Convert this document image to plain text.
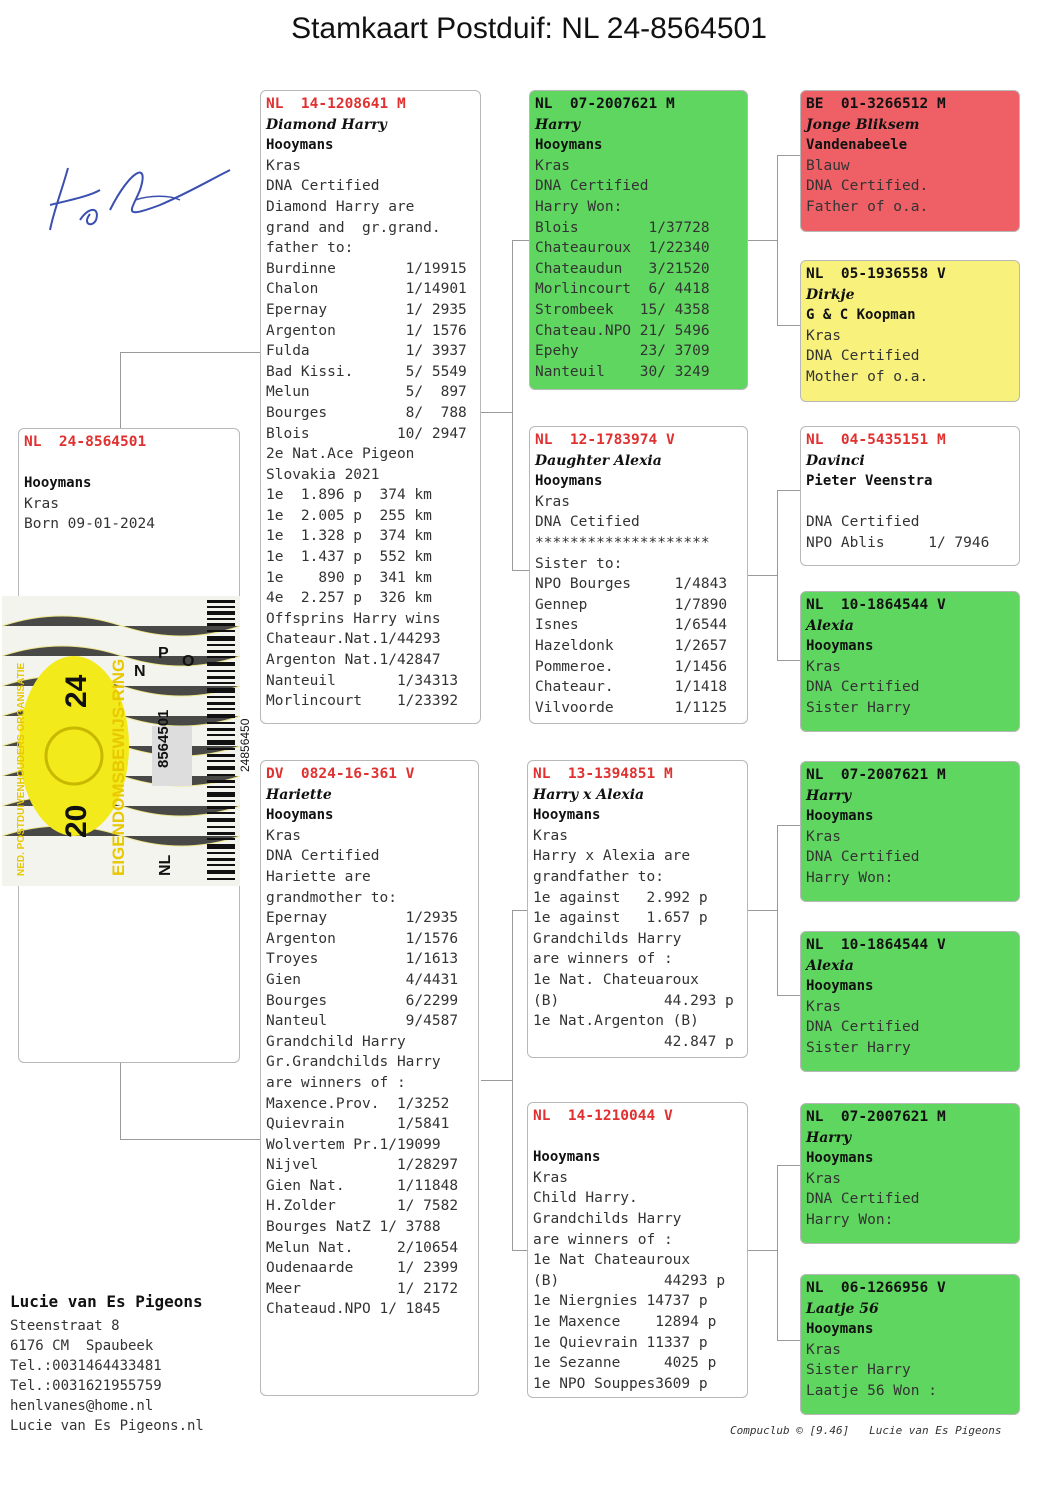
Stamkaart Postduif: NL 24-8564501
NL  24-8564501
Hooymans
Kras
Born 09-01-2024
20
24
8564501
NL
24856450
EIGENDOMSBEWIJS-RING
NED. POSTDUIVENHOUDERS ORGANISATIE	N
P O
NL  14-1208641 M
Diamond Harry
Hooymans
Kras
DNA Certified
Diamond Harry are
grand and  gr.grand.
father to:
Burdinne        1/19915
Chalon          1/14901
Epernay         1/ 2935
Argenton        1/ 1576
Fulda           1/ 3937
Bad Kissi.      5/ 5549
Melun           5/  897
Bourges         8/  788
Blois          10/ 2947
2e Nat.Ace Pigeon
Slovakia 2021
1e  1.896 p  374 km
1e  2.005 p  255 km
1e  1.328 p  374 km
1e  1.437 p  552 km
1e    890 p  341 km
4e  2.257 p  326 km
Offsprins Harry wins
Chateaur.Nat.1/44293
Argenton Nat.1/42847
Nanteuil       1/34313
Morlincourt    1/23392
DV  0824-16-361 V
Hariette
Hooymans
Kras
DNA Certified
Hariette are
grandmother to:
Epernay         1/2935
Argenton        1/1576
Troyes          1/1613
Gien            4/4431
Bourges         6/2299
Nanteul         9/4587
Grandchild Harry
Gr.Grandchilds Harry
are winners of :
Maxence.Prov.  1/3252
Quievrain      1/5841
Wolvertem Pr.1/19099
Nijvel         1/28297
Gien Nat.      1/11848
H.Zolder       1/ 7582
Bourges NatZ 1/ 3788
Melun Nat.     2/10654
Oudenaarde     1/ 2399
Meer           1/ 2172
Chateaud.NPO 1/ 1845
NL  07-2007621 M
Harry
Hooymans
Kras
DNA Certified
Harry Won:
Blois        1/37728
Chateauroux  1/22340
Chateaudun   3/21520
Morlincourt  6/ 4418
Strombeek   15/ 4358
Chateau.NPO 21/ 5496
Epehy       23/ 3709
Nanteuil    30/ 3249
NL  12-1783974 V
Daughter Alexia
Hooymans
Kras
DNA Cetified
********************
Sister to:
NPO Bourges     1/4843
Gennep          1/7890
Isnes           1/6544
Hazeldonk       1/2657
Pommeroe.       1/1456
Chateaur.       1/1418
Vilvoorde       1/1125
NL  13-1394851 M
Harry x Alexia
Hooymans
Kras
Harry x Alexia are
grandfather to:
1e against   2.992 p
1e against   1.657 p
Grandchilds Harry
are winners of :
1e Nat. Chateuaroux
(B)            44.293 p
1e Nat.Argenton (B)
42.847 p
NL  14-1210044 V
Hooymans
Kras
Child Harry.
Grandchilds Harry
are winners of :
1e Nat Chateauroux
(B)            44293 p
1e Niergnies 14737 p
1e Maxence    12894 p
1e Quievrain 11337 p
1e Sezanne     4025 p
1e NPO Souppes3609 p
BE  01-3266512 M
Jonge Bliksem
Vandenabeele
Blauw
DNA Certified.
Father of o.a.
NL  05-1936558 V
Dirkje
G & C Koopman
Kras
DNA Certified
Mother of o.a.
NL  04-5435151 M
Davinci
Pieter Veenstra
DNA Certified
NPO Ablis     1/ 7946
NL  10-1864544 V
Alexia
Hooymans
Kras
DNA Certified
Sister Harry
NL  07-2007621 M
Harry
Hooymans
Kras
DNA Certified
Harry Won:
NL  10-1864544 V
Alexia
Hooymans
Kras
DNA Certified
Sister Harry
NL  07-2007621 M
Harry
Hooymans
Kras
DNA Certified
Harry Won:
NL  06-1266956 V
Laatje 56
Hooymans
Kras
Sister Harry
Laatje 56 Won :
Lucie van Es Pigeons
Steenstraat 8
6176 CM  Spaubeek
Tel.:0031464433481
Tel.:0031621955759
henlvanes@home.nl
Lucie van Es Pigeons.nl	Compuclub © [9.46]   Lucie van Es Pigeons
